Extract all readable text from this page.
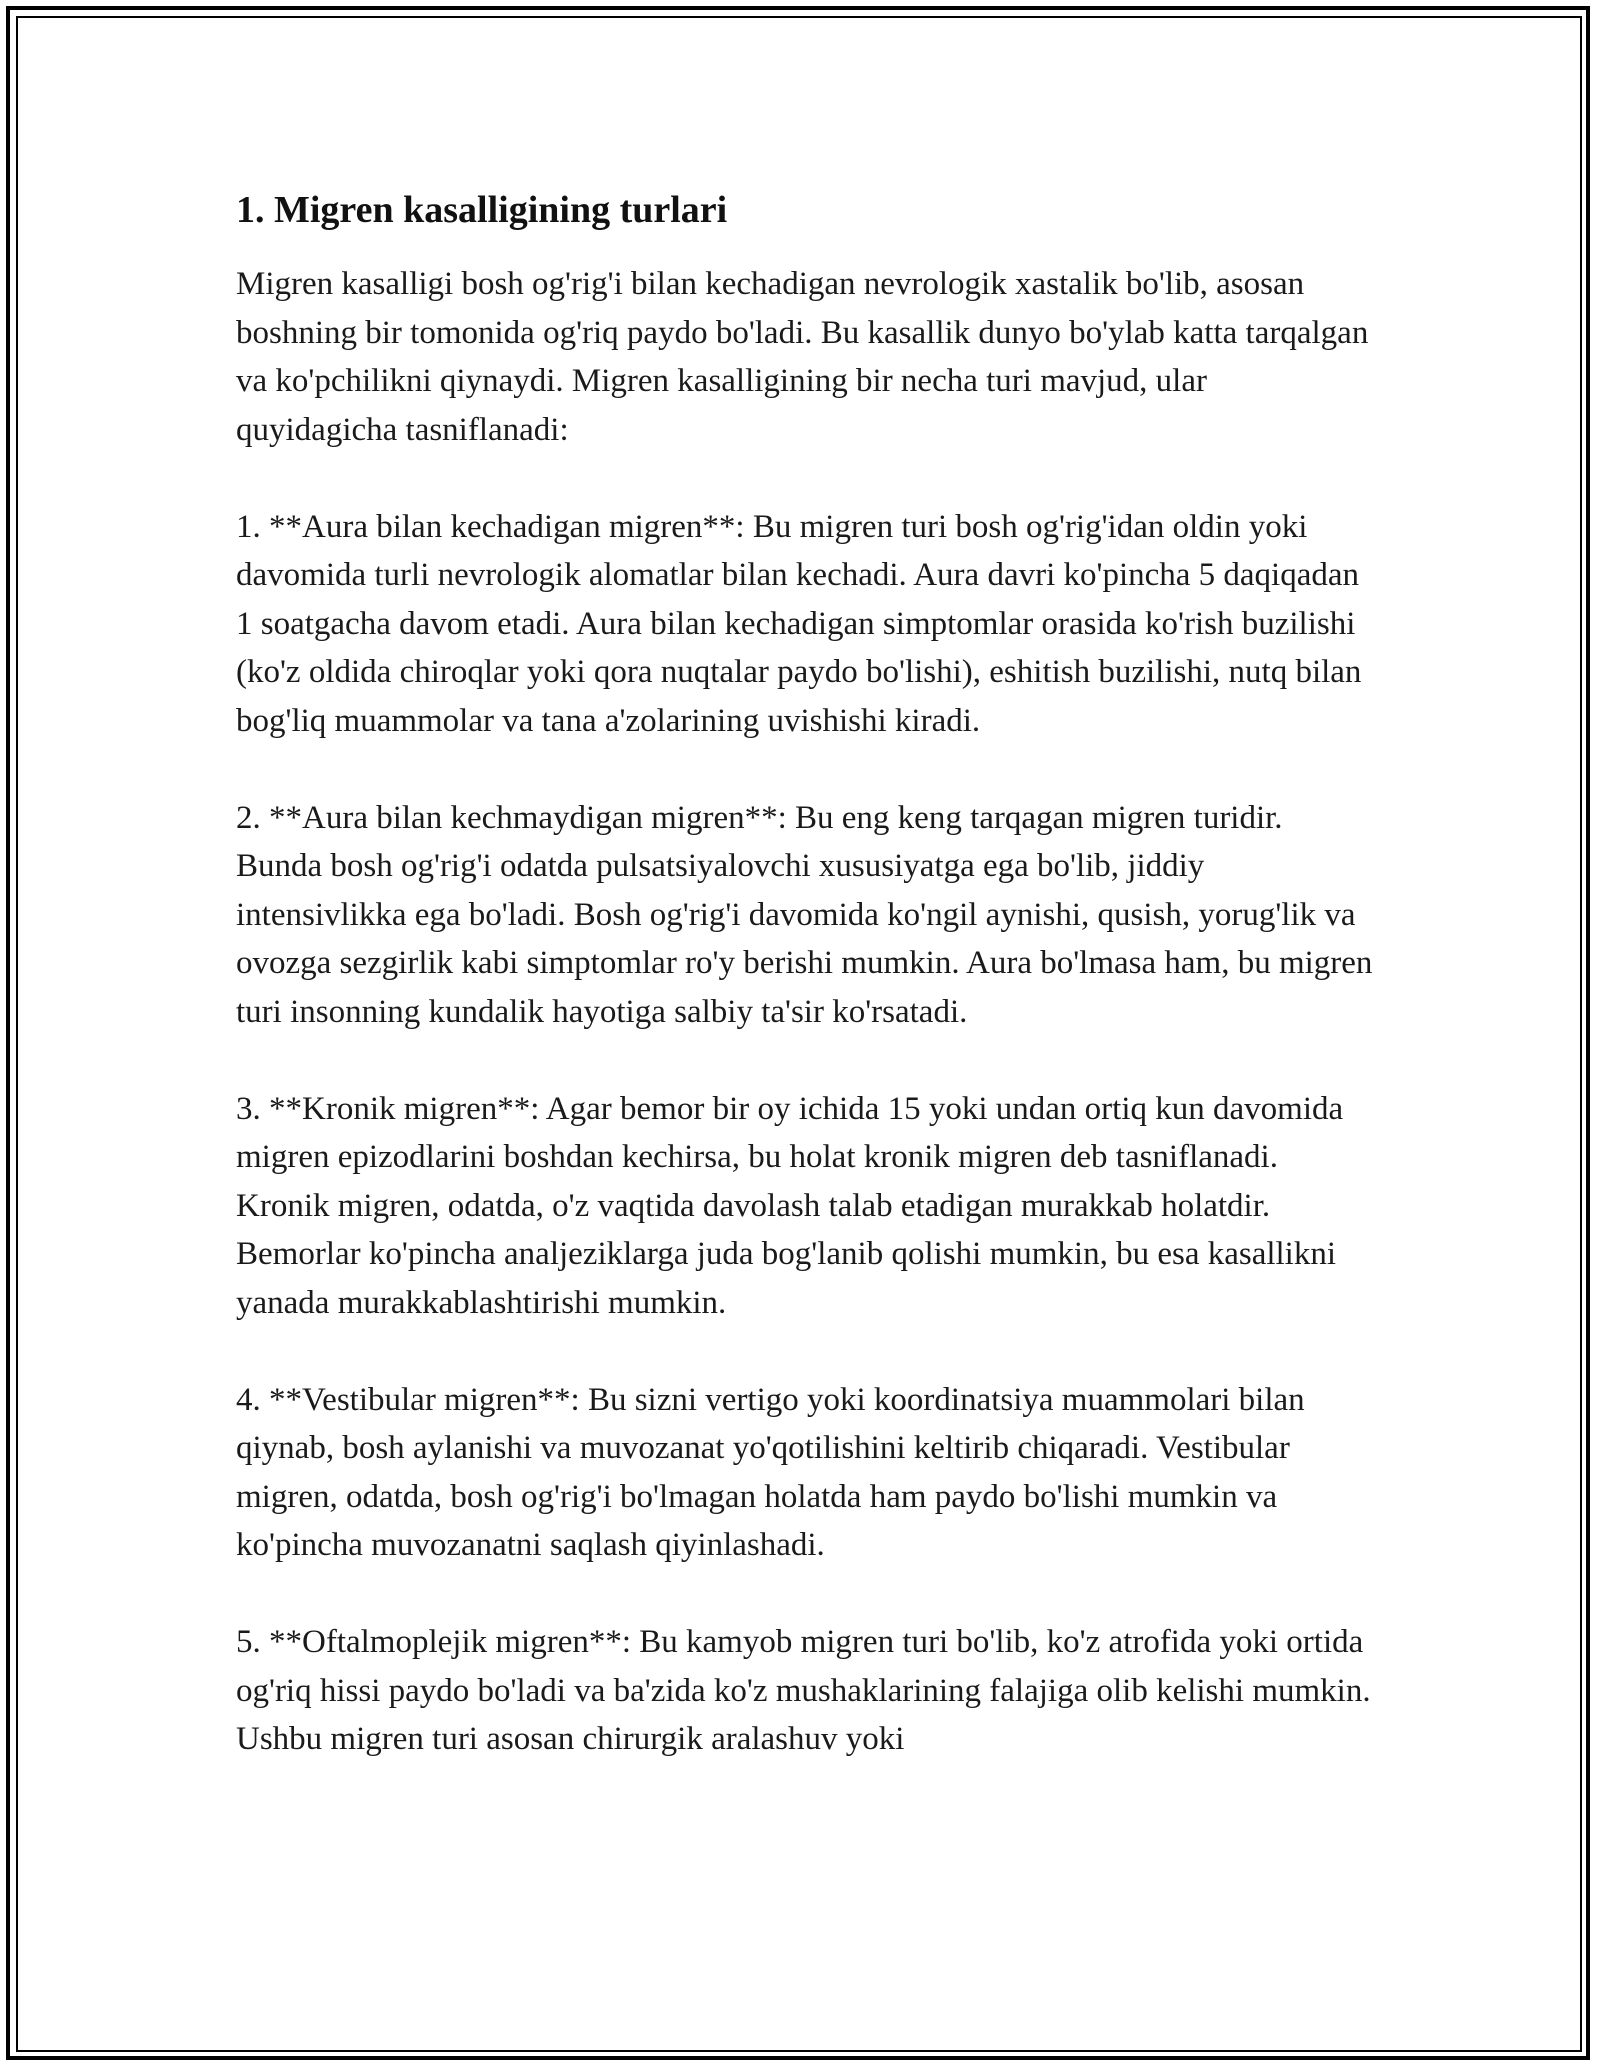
1. Migren kasalligining turlari

Migren kasalligi bosh og'rig'i bilan kechadigan nevrologik xastalik bo'lib, asosan boshning bir tomonida og'riq paydo bo'ladi. Bu kasallik dunyo bo'ylab katta tarqalgan va ko'pchilikni qiynaydi. Migren kasalligining bir necha turi mavjud, ular quyidagicha tasniflanadi:

1. **Aura bilan kechadigan migren**: Bu migren turi bosh og'rig'idan oldin yoki davomida turli nevrologik alomatlar bilan kechadi. Aura davri ko'pincha 5 daqiqadan 1 soatgacha davom etadi. Aura bilan kechadigan simptomlar orasida ko'rish buzilishi (ko'z oldida chiroqlar yoki qora nuqtalar paydo bo'lishi), eshitish buzilishi, nutq bilan bog'liq muammolar va tana a'zolarining uvishishi kiradi.

2. **Aura bilan kechmaydigan migren**: Bu eng keng tarqagan migren turidir. Bunda bosh og'rig'i odatda pulsatsiyalovchi xususiyatga ega bo'lib, jiddiy intensivlikka ega bo'ladi. Bosh og'rig'i davomida ko'ngil aynishi, qusish, yorug'lik va ovozga sezgirlik kabi simptomlar ro'y berishi mumkin. Aura bo'lmasa ham, bu migren turi insonning kundalik hayotiga salbiy ta'sir ko'rsatadi.

3. **Kronik migren**: Agar bemor bir oy ichida 15 yoki undan ortiq kun davomida migren epizodlarini boshdan kechirsa, bu holat kronik migren deb tasniflanadi. Kronik migren, odatda, o'z vaqtida davolash talab etadigan murakkab holatdir. Bemorlar ko'pincha analjeziklarga juda bog'lanib qolishi mumkin, bu esa kasallikni yanada murakkablashtirishi mumkin.

4. **Vestibular migren**: Bu sizni vertigo yoki koordinatsiya muammolari bilan qiynab, bosh aylanishi va muvozanat yo'qotilishini keltirib chiqaradi. Vestibular migren, odatda, bosh og'rig'i bo'lmagan holatda ham paydo bo'lishi mumkin va ko'pincha muvozanatni saqlash qiyinlashadi.

5. **Oftalmoplejik migren**: Bu kamyob migren turi bo'lib, ko'z atrofida yoki ortida og'riq hissi paydo bo'ladi va ba'zida ko'z mushaklarining falajiga olib kelishi mumkin. Ushbu migren turi asosan chirurgik aralashuv yoki
